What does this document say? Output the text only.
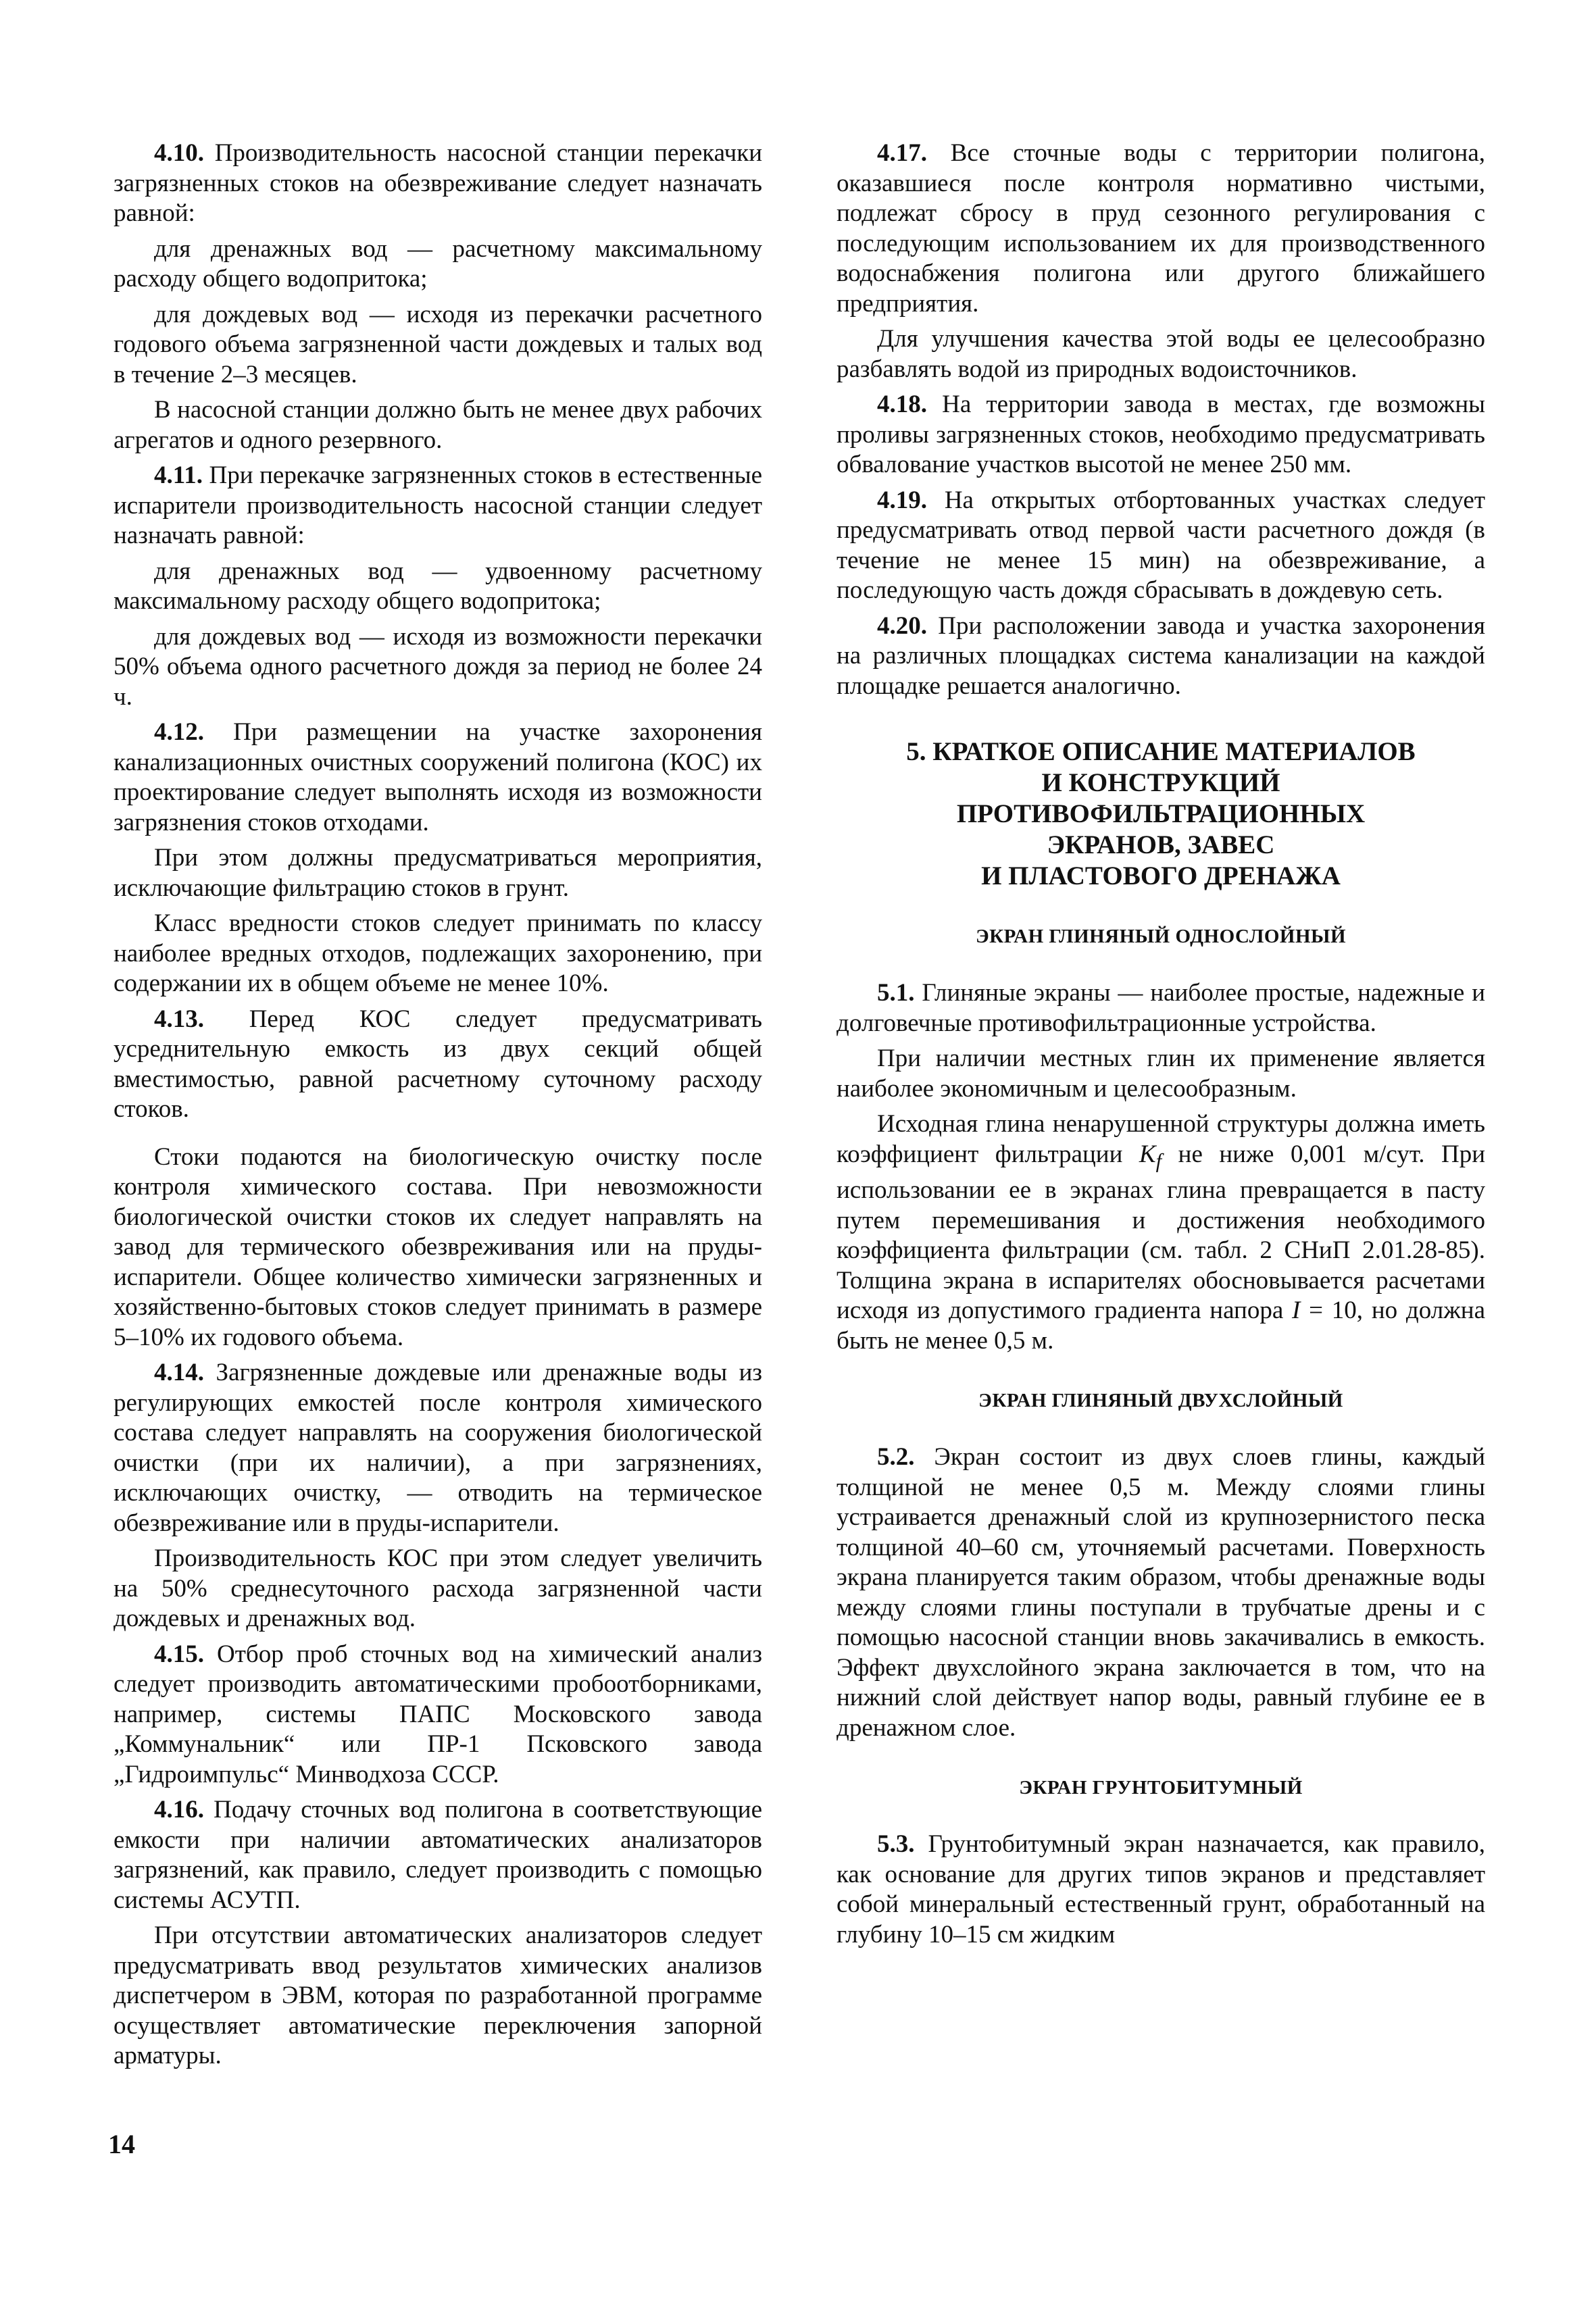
4.10. Производительность насосной станции перекачки загрязненных стоков на обезвреживание следует назначать равной:

для дренажных вод — расчетному максимальному расходу общего водопритока;

для дождевых вод — исходя из перекачки расчетного годового объема загрязненной части дождевых и талых вод в течение 2–3 месяцев.

В насосной станции должно быть не менее двух рабочих агрегатов и одного резервного.

4.11. При перекачке загрязненных стоков в естественные испарители производительность насосной станции следует назначать равной:

для дренажных вод — удвоенному расчетному максимальному расходу общего водопритока;

для дождевых вод — исходя из возможности перекачки 50% объема одного расчетного дождя за период не более 24 ч.

4.12. При размещении на участке захоронения канализационных очистных сооружений полигона (КОС) их проектирование следует выполнять исходя из возможности загрязнения стоков отходами.

При этом должны предусматриваться мероприятия, исключающие фильтрацию стоков в грунт.

Класс вредности стоков следует принимать по классу наиболее вредных отходов, подлежащих захоронению, при содержании их в общем объеме не менее 10%.

4.13. Перед КОС следует предусматривать усреднительную емкость из двух секций общей вместимостью, равной расчетному суточному расходу стоков.

Стоки подаются на биологическую очистку после контроля химического состава. При невозможности биологической очистки стоков их следует направлять на завод для термического обезвреживания или на пруды-испарители. Общее количество химически загрязненных и хозяйственно-бытовых стоков следует принимать в размере 5–10% их годового объема.

4.14. Загрязненные дождевые или дренажные воды из регулирующих емкостей после контроля химического состава следует направлять на сооружения биологической очистки (при их наличии), а при загрязнениях, исключающих очистку, — отводить на термическое обезвреживание или в пруды-испарители.

Производительность КОС при этом следует увеличить на 50% среднесуточного расхода загрязненной части дождевых и дренажных вод.

4.15. Отбор проб сточных вод на химический анализ следует производить автоматическими пробоотборниками, например, системы ПАПС Московского завода „Коммунальник“ или ПР-1 Псковского завода „Гидроимпульс“ Минводхоза СССР.

4.16. Подачу сточных вод полигона в соответствующие емкости при наличии автоматических анализаторов загрязнений, как правило, следует производить с помощью системы АСУТП.

При отсутствии автоматических анализаторов следует предусматривать ввод результатов химических анализов диспетчером в ЭВМ, которая по разработанной программе осуществляет автоматические переключения запорной арматуры.

4.17. Все сточные воды с территории полигона, оказавшиеся после контроля нормативно чистыми, подлежат сбросу в пруд сезонного регулирования с последующим использованием их для производственного водоснабжения полигона или другого ближайшего предприятия.

Для улучшения качества этой воды ее целесообразно разбавлять водой из природных водоисточников.

4.18. На территории завода в местах, где возможны проливы загрязненных стоков, необходимо предусматривать обвалование участков высотой не менее 250 мм.

4.19. На открытых отбортованных участках следует предусматривать отвод первой части расчетного дождя (в течение не менее 15 мин) на обезвреживание, а последующую часть дождя сбрасывать в дождевую сеть.

4.20. При расположении завода и участка захоронения на различных площадках система канализации на каждой площадке решается аналогично.

5. КРАТКОЕ ОПИСАНИЕ МАТЕРИАЛОВ
И КОНСТРУКЦИЙ ПРОТИВОФИЛЬТРАЦИОННЫХ
ЭКРАНОВ, ЗАВЕС
И ПЛАСТОВОГО ДРЕНАЖА
ЭКРАН ГЛИНЯНЫЙ ОДНОСЛОЙНЫЙ

5.1. Глиняные экраны — наиболее простые, надежные и долговечные противофильтрационные устройства.

При наличии местных глин их применение является наиболее экономичным и целесообразным.

Исходная глина ненарушенной структуры должна иметь коэффициент фильтрации $K_f$ не ниже 0,001 м/сут. При использовании ее в экранах глина превращается в пасту путем перемешивания и достижения необходимого коэффициента фильтрации (см. табл. 2 СНиП 2.01.28-85). Толщина экрана в испарителях обосновывается расчетами исходя из допустимого градиента напора I = 10, но должна быть не менее 0,5 м.

ЭКРАН ГЛИНЯНЫЙ ДВУХСЛОЙНЫЙ

5.2. Экран состоит из двух слоев глины, каждый толщиной не менее 0,5 м. Между слоями глины устраивается дренажный слой из крупнозернистого песка толщиной 40–60 см, уточняемый расчетами. Поверхность экрана планируется таким образом, чтобы дренажные воды между слоями глины поступали в трубчатые дрены и с помощью насосной станции вновь закачивались в емкость. Эффект двухслойного экрана заключается в том, что на нижний слой действует напор воды, равный глубине ее в дренажном слое.

ЭКРАН ГРУНТОБИТУМНЫЙ

5.3. Грунтобитумный экран назначается, как правило, как основание для других типов экранов и представляет собой минеральный естественный грунт, обработанный на глубину 10–15 см жидким

14
